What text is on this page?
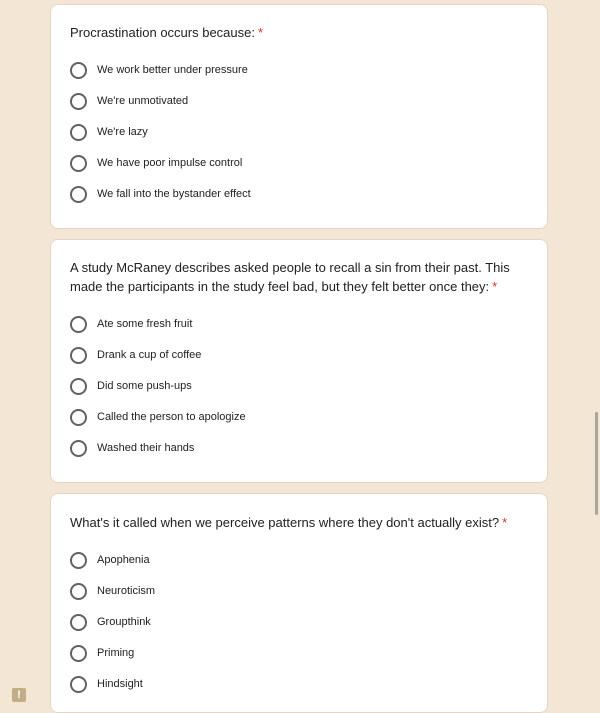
Procrastination occurs because: *
We work better under pressure
We're unmotivated
We're lazy
We have poor impulse control
We fall into the bystander effect
A study McRaney describes asked people to recall a sin from their past. This made the participants in the study feel bad, but they felt better once they: *
Ate some fresh fruit
Drank a cup of coffee
Did some push-ups
Called the person to apologize
Washed their hands
What's it called when we perceive patterns where they don't actually exist? *
Apophenia
Neuroticism
Groupthink
Priming
Hindsight
!
